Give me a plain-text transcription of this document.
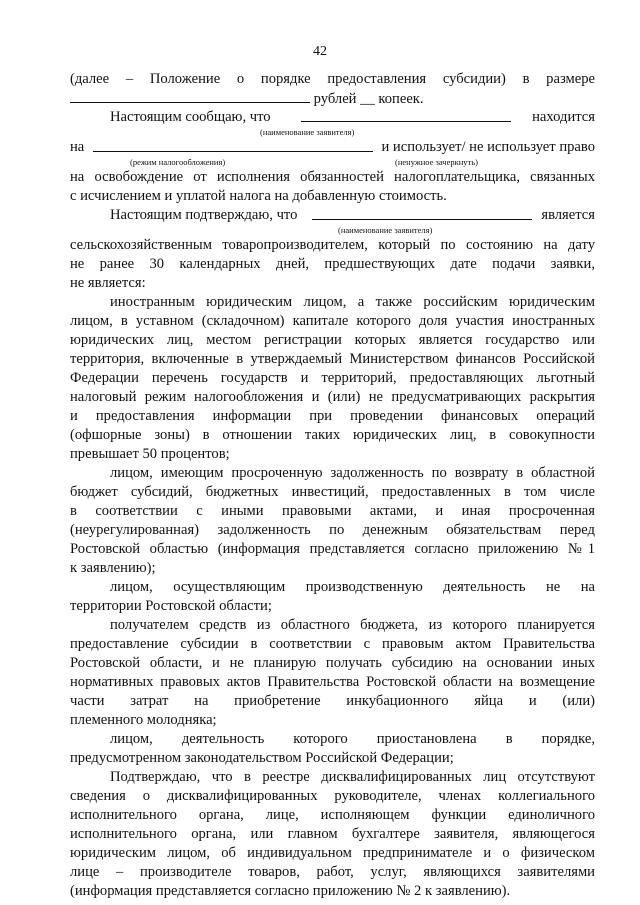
42
(далее – Положение о порядке предоставления субсидии) в размере
рублей __ копеек.
Настоящим сообщаю, что	находится
(наименование заявителя)
на	и использует/ не использует право
(режим налогообложения)	(ненужное зачеркнуть)
на освобождение от исполнения обязанностей налогоплательщика, связанных
с исчислением и уплатой налога на добавленную стоимость.
Настоящим подтверждаю, что	является
(наименование заявителя)
сельскохозяйственным товаропроизводителем, который по состоянию на дату
не ранее 30 календарных дней, предшествующих дате подачи заявки,
не является:
иностранным юридическим лицом, а также российским юридическим
лицом, в уставном (складочном) капитале которого доля участия иностранных
юридических лиц, местом регистрации которых является государство или
территория, включенные в утверждаемый Министерством финансов Российской
Федерации перечень государств и территорий, предоставляющих льготный
налоговый режим налогообложения и (или) не предусматривающих раскрытия
и предоставления информации при проведении финансовых операций
(офшорные зоны) в отношении таких юридических лиц, в совокупности
превышает 50 процентов;
лицом, имеющим просроченную задолженность по возврату в областной
бюджет субсидий, бюджетных инвестиций, предоставленных в том числе
в соответствии с иными правовыми актами, и иная просроченная
(неурегулированная) задолженность по денежным обязательствам перед
Ростовской областью (информация представляется согласно приложению №1
к заявлению);
лицом, осуществляющим производственную деятельность не на
территории Ростовской области;
получателем средств из областного бюджета, из которого планируется
предоставление субсидии в соответствии с правовым актом Правительства
Ростовской области, и не планирую получать субсидию на основании иных
нормативных правовых актов Правительства Ростовской области на возмещение
части затрат на приобретение инкубационного яйца и (или)
племенного молодняка;
лицом, деятельность которого приостановлена в порядке,
предусмотренном законодательством Российской Федерации;
Подтверждаю, что в реестре дисквалифицированных лиц отсутствуют
сведения о дисквалифицированных руководителе, членах коллегиального
исполнительного органа, лице, исполняющем функции единоличного
исполнительного органа, или главном бухгалтере заявителя, являющегося
юридическим лицом, об индивидуальном предпринимателе и о физическом
лице – производителе товаров, работ, услуг, являющихся заявителями
(информация представляется согласно приложению № 2 к заявлению).
